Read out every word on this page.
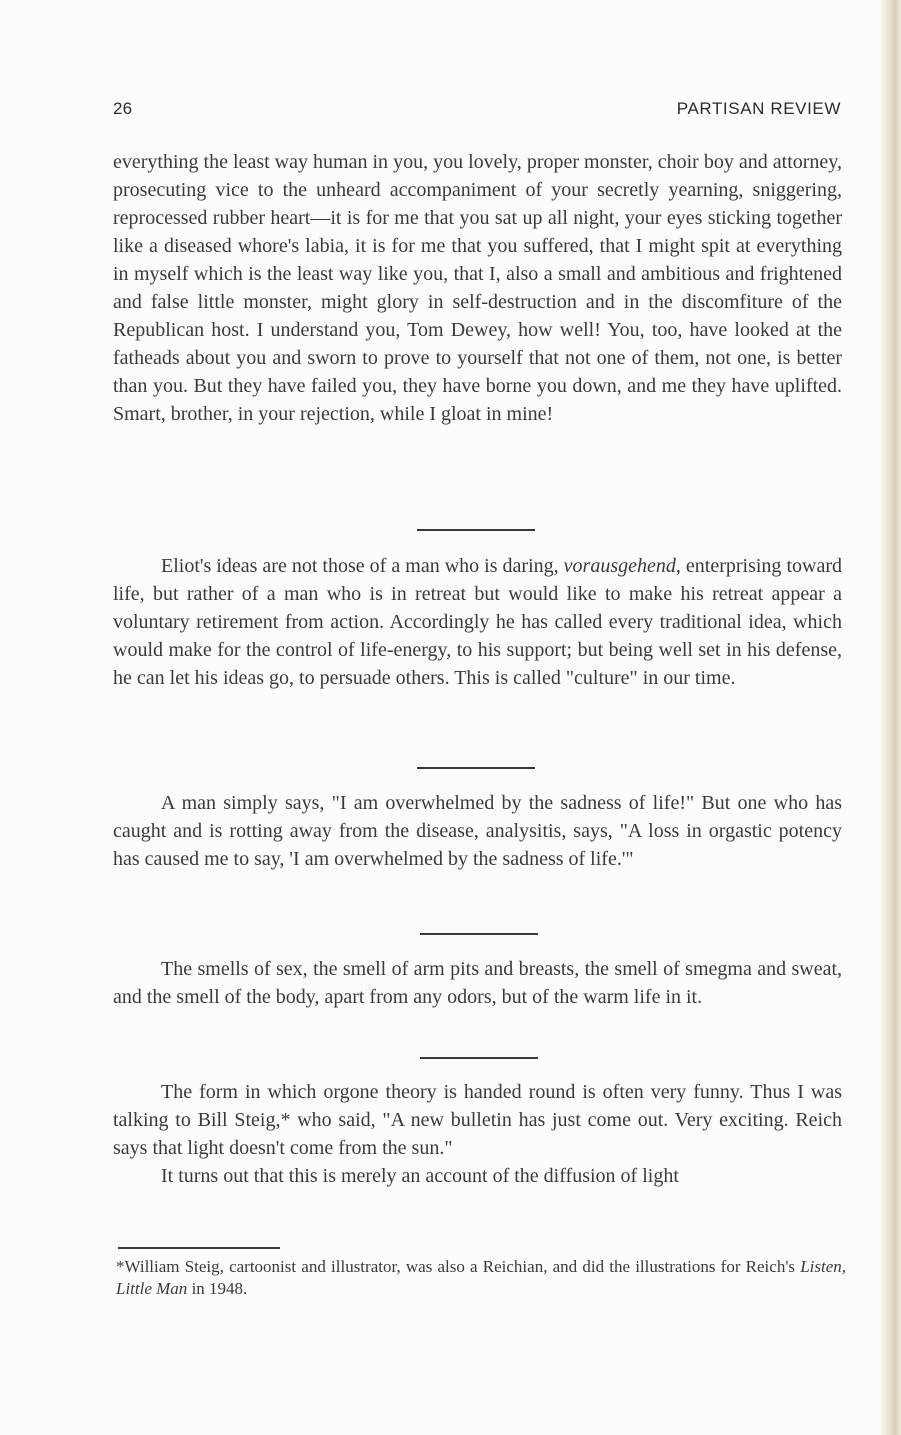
26	PARTISAN REVIEW

everything the least way human in you, you lovely, proper monster, choir boy and attorney, prosecuting vice to the unheard accompaniment of your secretly yearning, sniggering, reprocessed rubber heart—it is for me that you sat up all night, your eyes sticking together like a diseased whore's labia, it is for me that you suffered, that I might spit at everything in myself which is the least way like you, that I, also a small and ambitious and frightened and false little monster, might glory in self-destruction and in the discomfiture of the Republican host. I understand you, Tom Dewey, how well! You, too, have looked at the fatheads about you and sworn to prove to yourself that not one of them, not one, is better than you. But they have failed you, they have borne you down, and me they have uplifted. Smart, brother, in your rejection, while I gloat in mine!

Eliot's ideas are not those of a man who is daring, vorausgehend, enterprising toward life, but rather of a man who is in retreat but would like to make his retreat appear a voluntary retirement from action. Accordingly he has called every traditional idea, which would make for the control of life-energy, to his support; but being well set in his defense, he can let his ideas go, to persuade others. This is called "culture" in our time.

A man simply says, "I am overwhelmed by the sadness of life!" But one who has caught and is rotting away from the disease, analysitis, says, "A loss in orgastic potency has caused me to say, 'I am overwhelmed by the sadness of life.'"

The smells of sex, the smell of arm pits and breasts, the smell of smegma and sweat, and the smell of the body, apart from any odors, but of the warm life in it.

The form in which orgone theory is handed round is often very funny. Thus I was talking to Bill Steig,* who said, "A new bulletin has just come out. Very exciting. Reich says that light doesn't come from the sun."

It turns out that this is merely an account of the diffusion of light

*William Steig, cartoonist and illustrator, was also a Reichian, and did the illustrations for Reich's Listen, Little Man in 1948.
